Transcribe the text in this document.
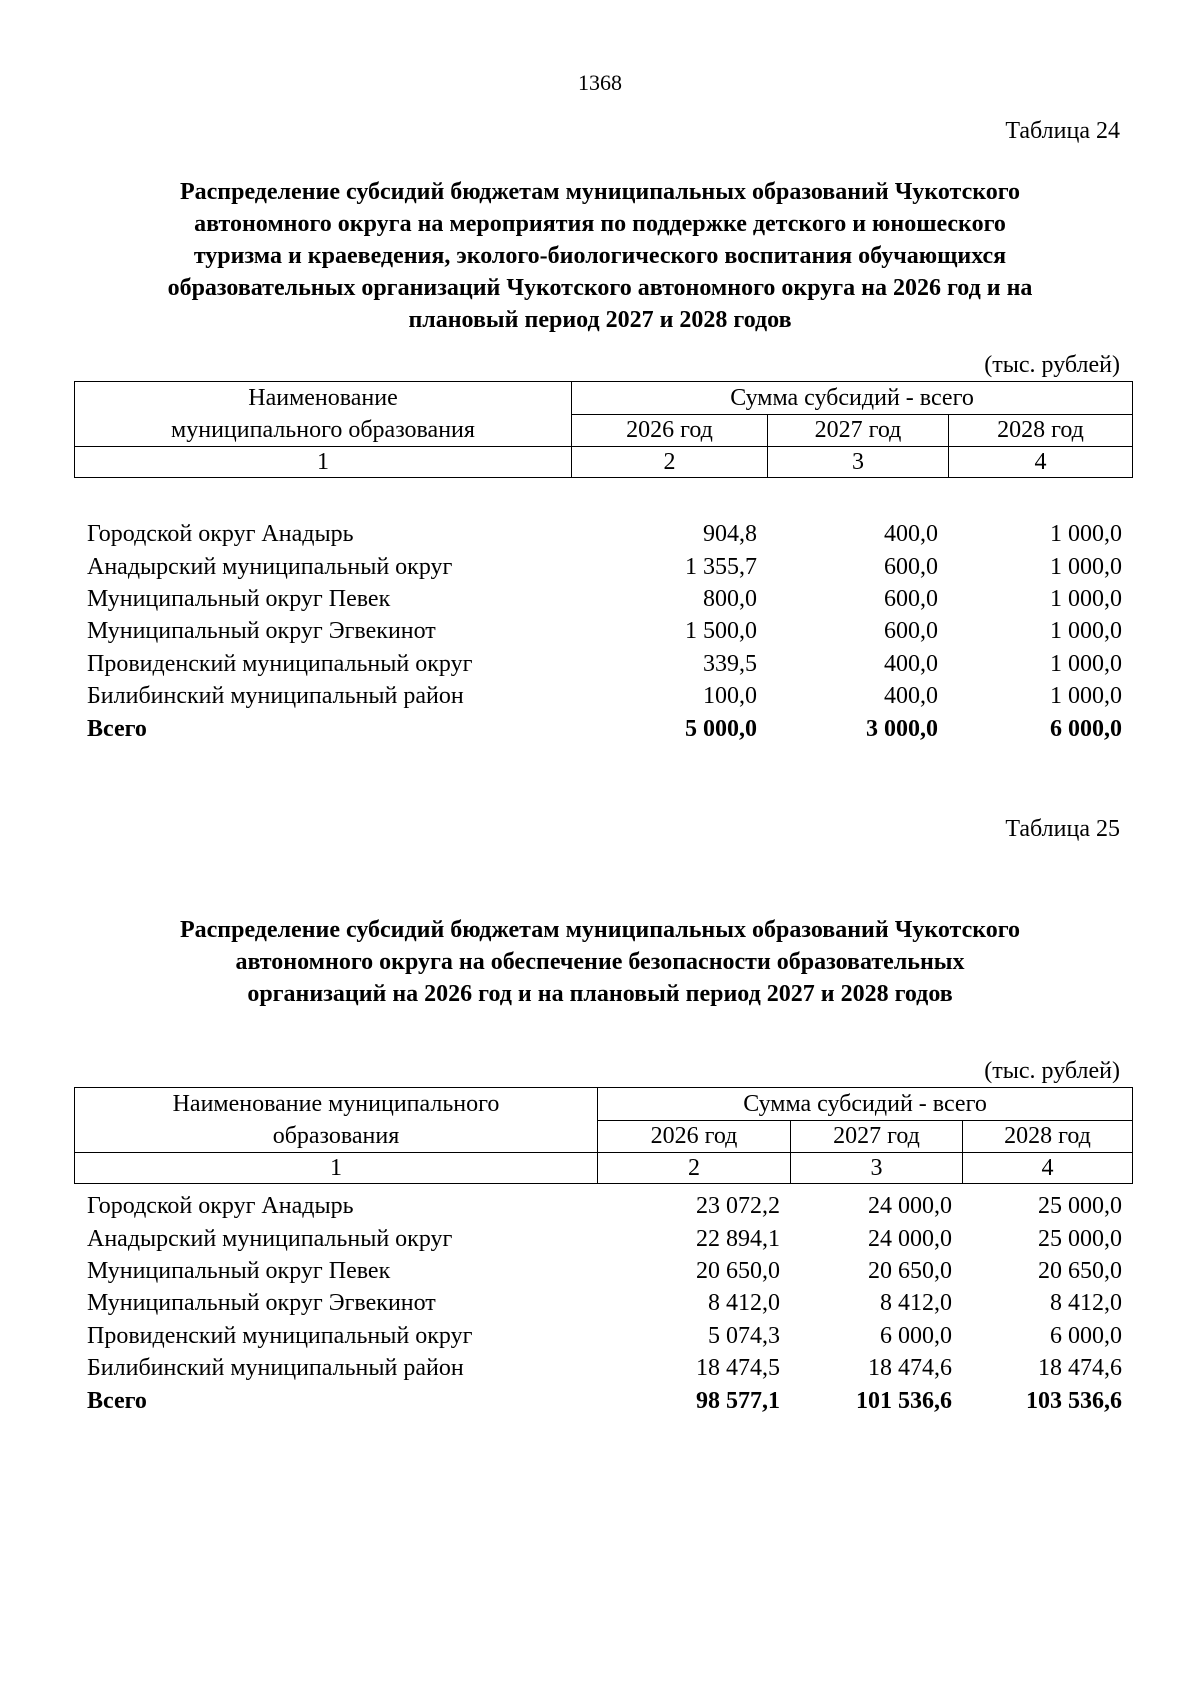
1368
Таблица 24
Распределение субсидий бюджетам муниципальных образований Чукотского
автономного округа на мероприятия по поддержке детского и юношеского
туризма и краеведения, эколого-биологического воспитания обучающихся
образовательных организаций Чукотского автономного округа на 2026 год и на
плановый период 2027 и 2028 годов
(тыс. рублей)
Наименование
муниципального образования	Сумма субсидий - всего		
	2026 год	2027 год	2028 год
1	2	3	4
Городской округ Анадырь	904,8	400,0	1 000,0
Анадырский муниципальный округ	1 355,7	600,0	1 000,0
Муниципальный округ Певек	800,0	600,0	1 000,0
Муниципальный округ Эгвекинот	1 500,0	600,0	1 000,0
Провиденский муниципальный округ	339,5	400,0	1 000,0
Билибинский муниципальный район	100,0	400,0	1 000,0
Всего	5 000,0	3 000,0	6 000,0
Таблица 25
Распределение субсидий бюджетам муниципальных образований Чукотского
автономного округа на обеспечение безопасности образовательных
организаций на 2026 год и на плановый период 2027 и 2028 годов
(тыс. рублей)
Наименование муниципального
образования	Сумма субсидий - всего		
	2026 год	2027 год	2028 год
1	2	3	4
Городской округ Анадырь	23 072,2	24 000,0	25 000,0
Анадырский муниципальный округ	22 894,1	24 000,0	25 000,0
Муниципальный округ Певек	20 650,0	20 650,0	20 650,0
Муниципальный округ Эгвекинот	8 412,0	8 412,0	8 412,0
Провиденский муниципальный округ	5 074,3	6 000,0	6 000,0
Билибинский муниципальный район	18 474,5	18 474,6	18 474,6
Всего	98 577,1	101 536,6	103 536,6
